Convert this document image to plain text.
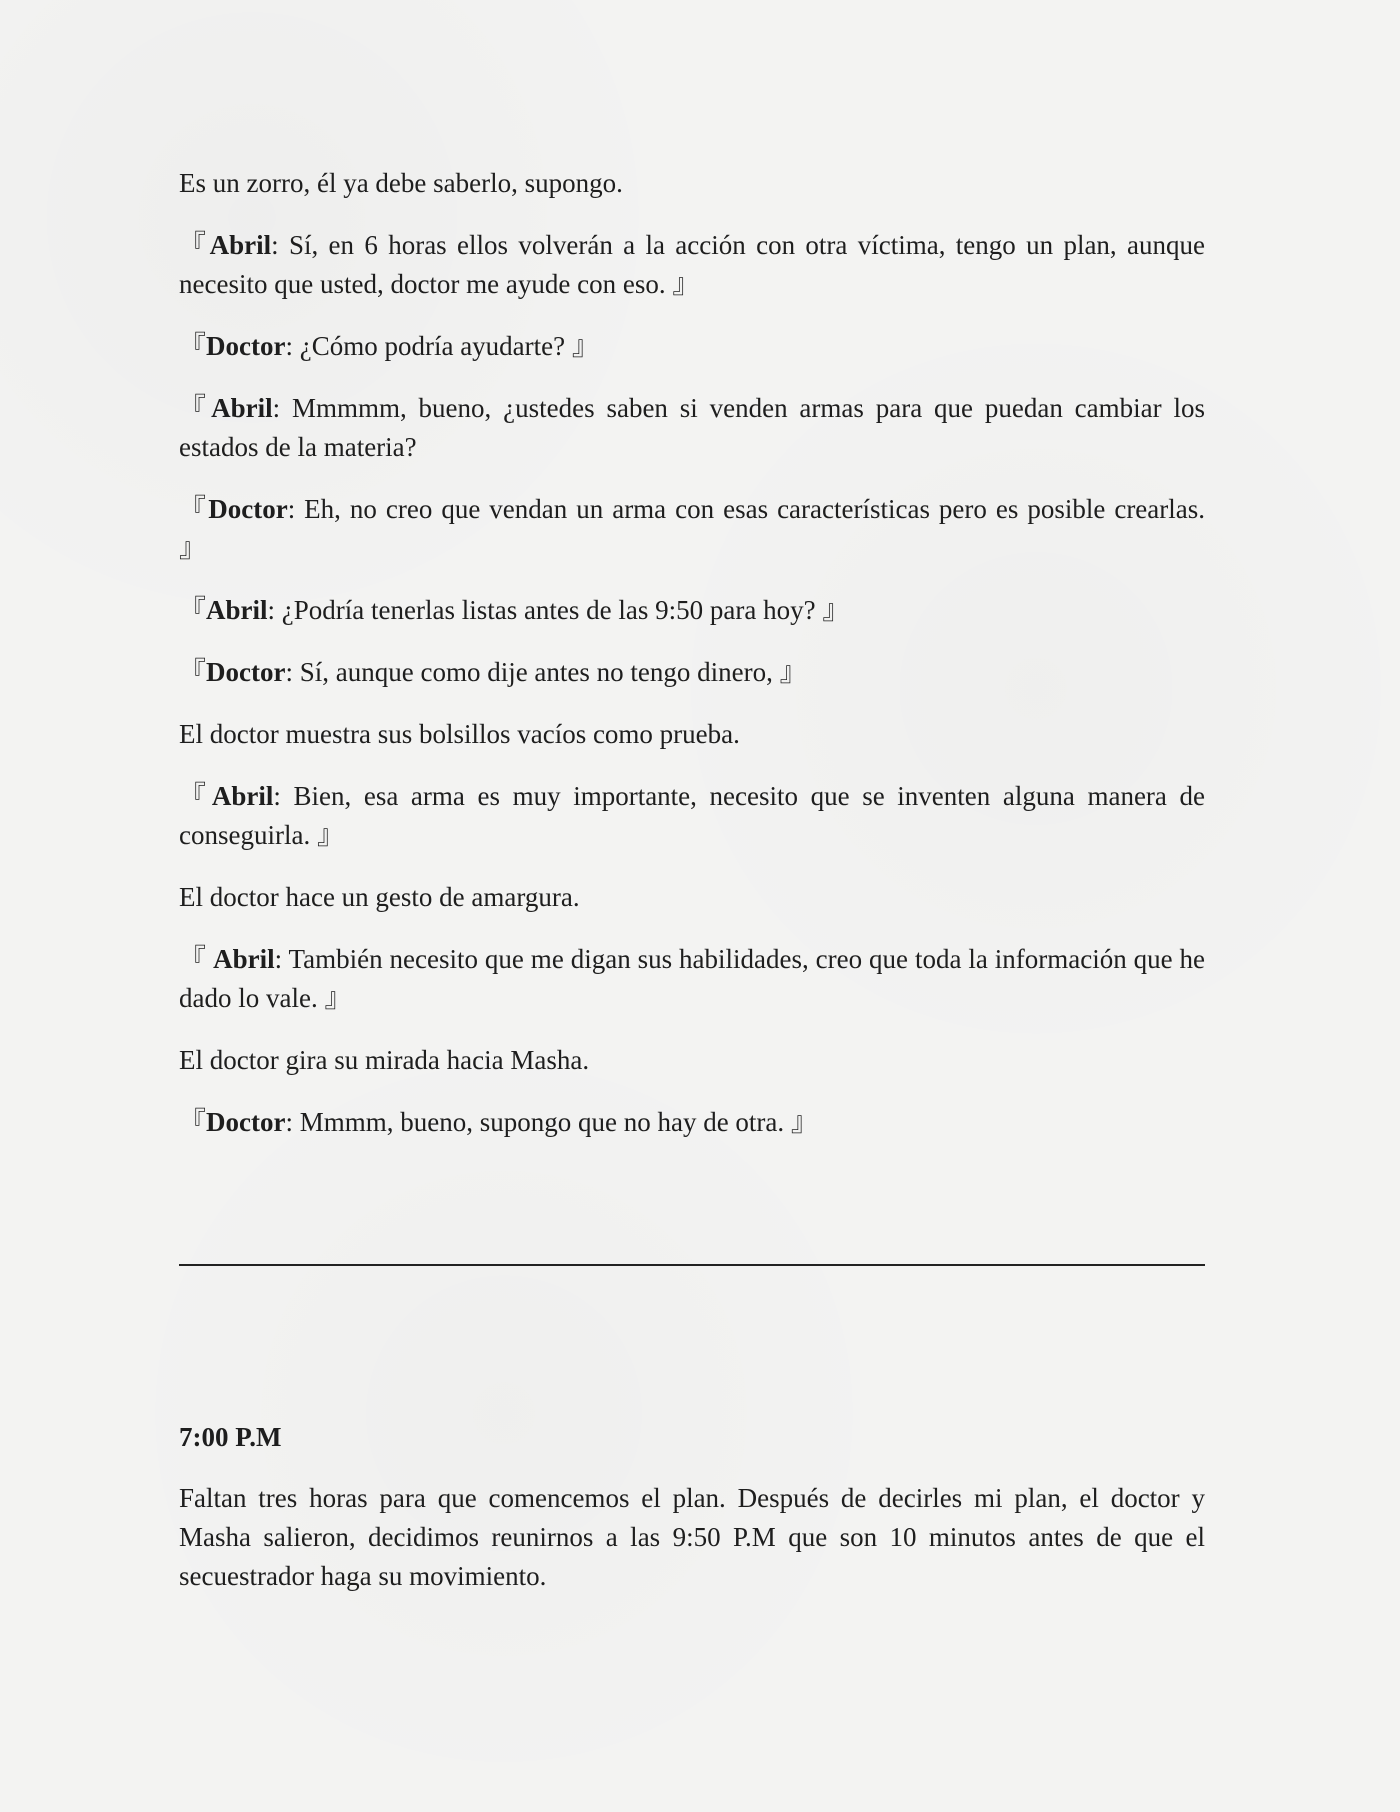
Es un zorro, él ya debe saberlo, supongo.

『Abril: Sí, en 6 horas ellos volverán a la acción con otra víctima, tengo un plan, aunque necesito que usted, doctor me ayude con eso. 』

『Doctor: ¿Cómo podría ayudarte? 』

『Abril: Mmmmm, bueno, ¿ustedes saben si venden armas para que puedan cambiar los estados de la materia?

『Doctor: Eh, no creo que vendan un arma con esas características pero es posible crearlas. 』

『Abril: ¿Podría tenerlas listas antes de las 9:50 para hoy? 』

『Doctor: Sí, aunque como dije antes no tengo dinero, 』

El doctor muestra sus bolsillos vacíos como prueba.

『Abril: Bien, esa arma es muy importante, necesito que se inventen alguna manera de conseguirla. 』

El doctor hace un gesto de amargura.

『 Abril: También necesito que me digan sus habilidades, creo que toda la información que he dado lo vale. 』

El doctor gira su mirada hacia Masha.

『Doctor: Mmmm, bueno, supongo que no hay de otra. 』

7:00 P.M

Faltan tres horas para que comencemos el plan. Después de decirles mi plan, el doctor y Masha salieron, decidimos reunirnos a las 9:50 P.M que son 10 minutos antes de que el secuestrador haga su movimiento.
